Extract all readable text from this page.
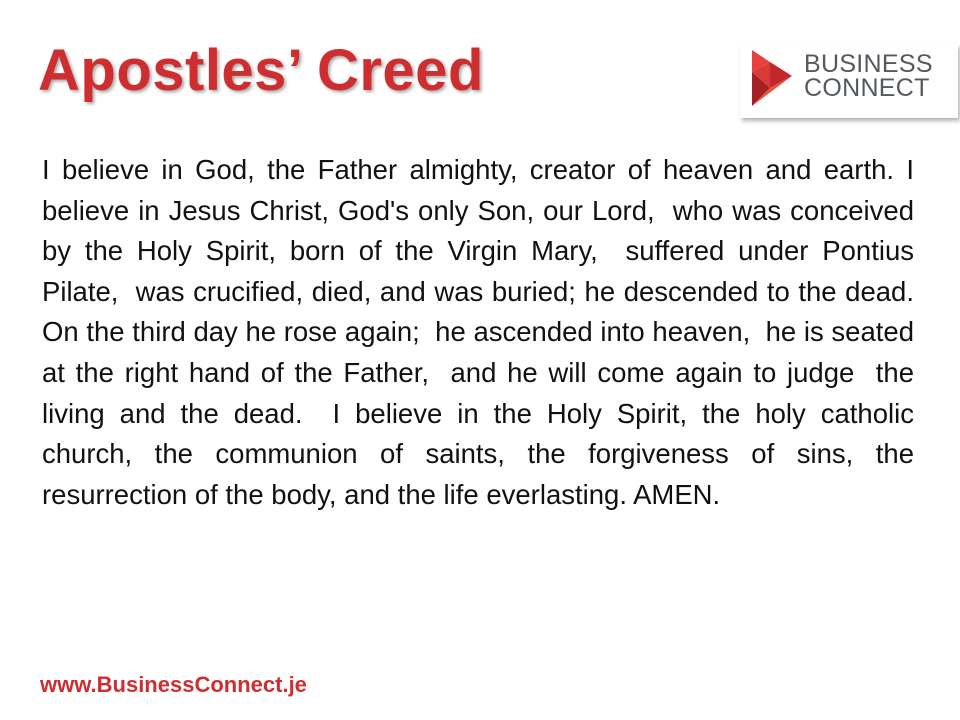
Apostles’ Creed	BUSINESS
CONNECT

I believe in God, the Father almighty, creator of heaven and earth. I believe in Jesus Christ, God's only Son, our Lord,  who was conceived by the Holy Spirit, born of the Virgin Mary,  suffered under Pontius Pilate,  was crucified, died, and was buried; he descended to the dead.  On the third day he rose again;  he ascended into heaven,  he is seated at the right hand of the Father,  and he will come again to judge  the living and the dead.  I believe in the Holy Spirit, the holy catholic church, the communion of saints, the forgiveness of sins, the resurrection of the body, and the life everlasting. AMEN.

www.BusinessConnect.je
